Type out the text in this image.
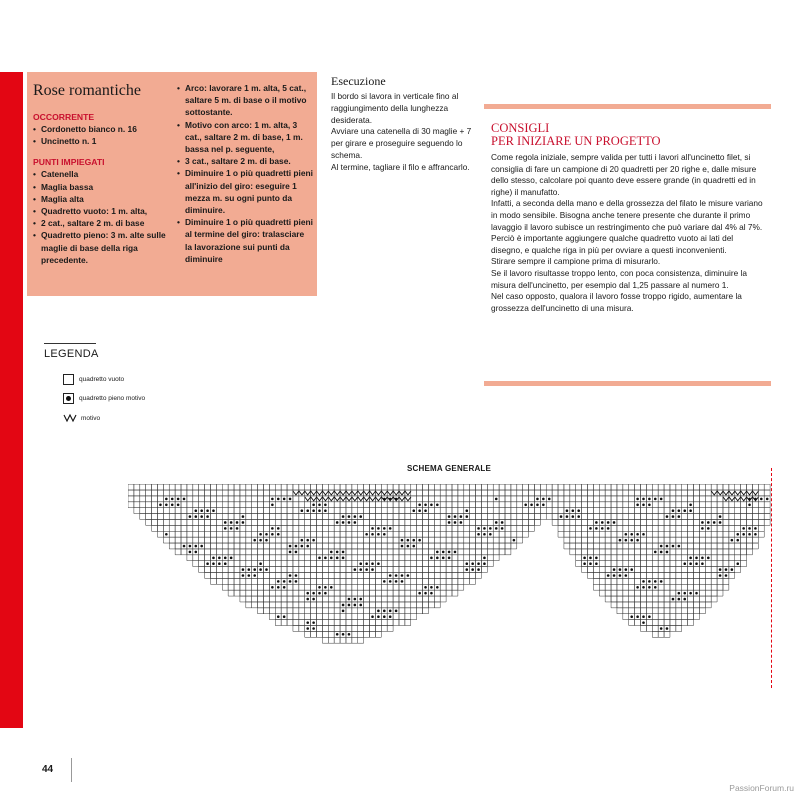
Rose romantiche
OCCORRENTE
• Cordonetto bianco n. 16
• Uncinetto n. 1
PUNTI IMPIEGATI
• Catenella
• Maglia bassa
• Maglia alta
• Quadretto vuoto: 1 m. alta,
• 2 cat., saltare 2 m. di base
• Quadretto pieno: 3 m. alte sulle maglie di base della riga precedente.
• Arco: lavorare 1 m. alta, 5 cat., saltare 5 m. di base o il motivo sottostante.
• Motivo con arco: 1 m. alta, 3 cat., saltare 2 m. di base, 1 m. bassa nel p. seguente,
• 3 cat., saltare 2 m. di base.
• Diminuire 1 o più quadretti pieni all'inizio del giro: eseguire 1 mezza m. su ogni punto da diminuire.
• Diminuire 1 o più quadretti pieni al termine del giro: tralasciare la lavorazione sui punti da diminuire
Esecuzione

Il bordo si lavora in verticale fino al raggiungimento della lunghezza desiderata.

Avviare una catenella di 30 maglie + 7 per girare e proseguire seguendo lo schema.

Al termine, tagliare il filo e affrancarlo.

CONSIGLI
PER INIZIARE UN PROGETTO

Come regola iniziale, sempre valida per tutti i lavori all'uncinetto filet, si consiglia di fare un campione di 20 quadretti per 20 righe e, dalle misure dello stesso, calcolare poi quanto deve essere grande (in quadretti ed in righe) il manufatto.

Infatti, a seconda della mano e della grossezza del filato le misure variano in modo sensibile. Bisogna anche tenere presente che durante il primo lavaggio il lavoro subisce un restringimento che può variare dal 4% al 7%. Perciò è importante aggiungere qualche quadretto vuoto ai lati del disegno, e qualche riga in più per ovviare a questi inconvenienti.

Stirare sempre il campione prima di misurarlo.

Se il lavoro risultasse troppo lento, con poca consistenza, diminuire la misura dell'uncinetto, per esempio dal 1,25 passare al numero 1.

Nel caso opposto, qualora il lavoro fosse troppo rigido, aumentare la grossezza dell'uncinetto di una misura.

LEGENDA
quadretto vuoto
quadretto pieno motivo
motivo
SCHEMA GENERALE
44
PassionForum.ru
